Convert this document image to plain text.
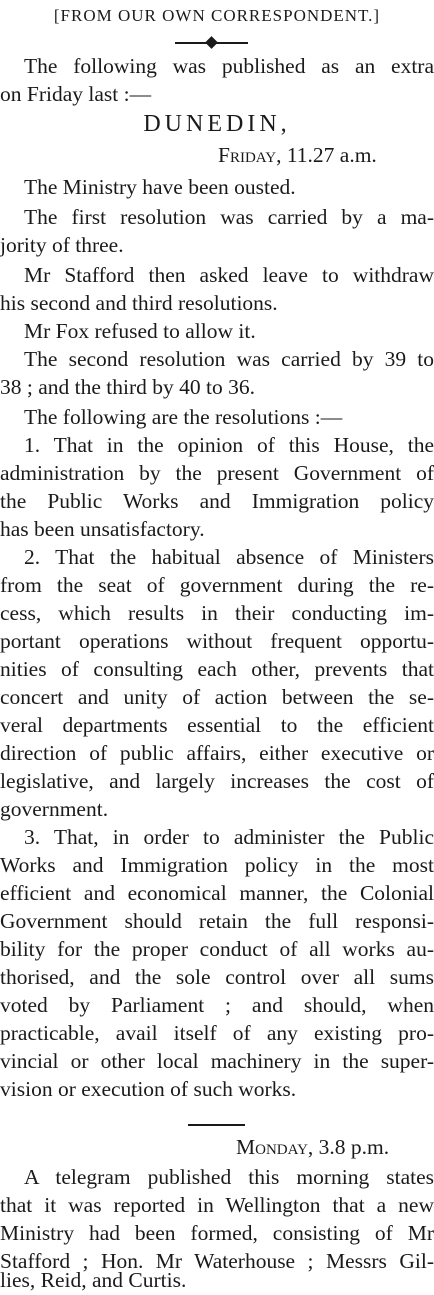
[FROM OUR OWN CORRESPONDENT.]
The following was published as an extra
on Friday last :—
DUNEDIN,
Friday, 11.27 a.m.
The Ministry have been ousted.
The first resolution was carried by a ma-
jority of three.
Mr Stafford then asked leave to withdraw
his second and third resolutions.
Mr Fox refused to allow it.
The second resolution was carried by 39 to
38 ; and the third by 40 to 36.
The following are the resolutions :—
1. That in the opinion of this House, the
administration by the present Government of
the Public Works and Immigration policy
has been unsatisfactory.
2. That the habitual absence of Ministers
from the seat of government during the re-
cess, which results in their conducting im-
portant operations without frequent opportu-
nities of consulting each other, prevents that
concert and unity of action between the se-
veral departments essential to the efficient
direction of public affairs, either executive or
legislative, and largely increases the cost of
government.
3. That, in order to administer the Public
Works and Immigration policy in the most
efficient and economical manner, the Colonial
Government should retain the full responsi-
bility for the proper conduct of all works au-
thorised, and the sole control over all sums
voted by Parliament ; and should, when
practicable, avail itself of any existing pro-
vincial or other local machinery in the super-
vision or execution of such works.
Monday, 3.8 p.m.
A telegram published this morning states
that it was reported in Wellington that a new
Ministry had been formed, consisting of Mr
Stafford ; Hon. Mr Waterhouse ; Messrs Gil-
lies, Reid, and Curtis.
